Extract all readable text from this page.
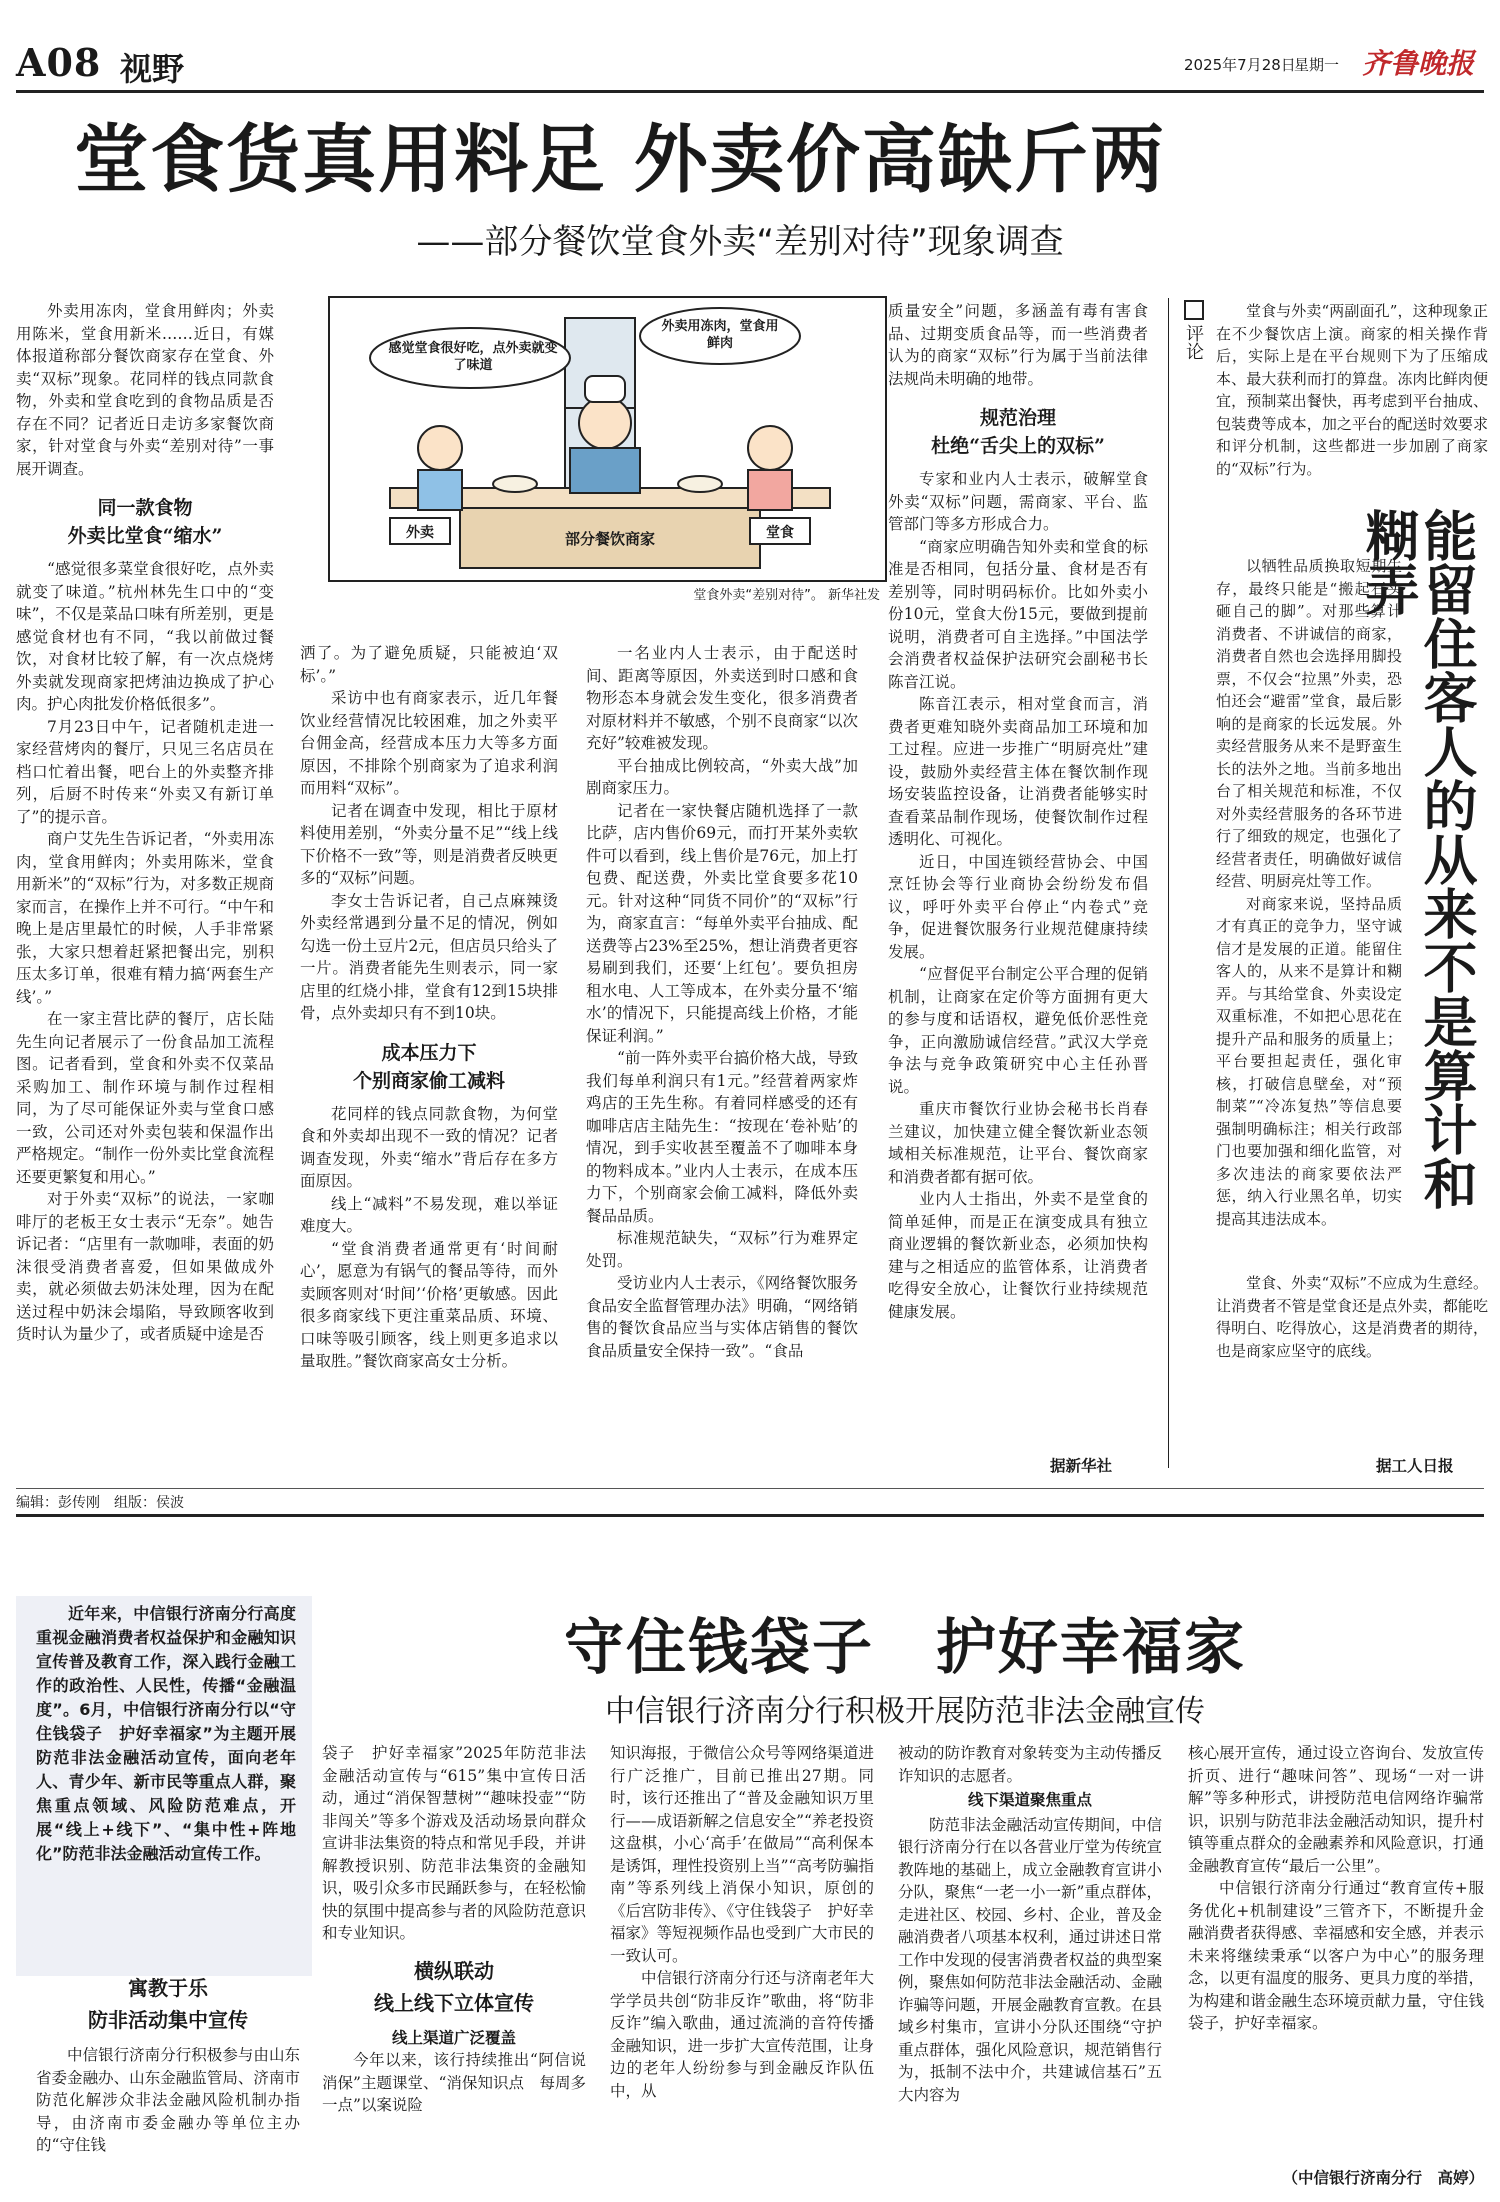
A08 视野	2025年7月28日
星期一 齐鲁晚报
堂食货真用料足 外卖价高缺斤两
——部分餐饮堂食外卖“差别对待”现象调查
感觉堂食很好吃，点外卖就变了味道
外卖用冻肉，堂食用鲜肉
外卖	部分餐饮商家	堂食
堂食外卖“差别对待”。 新华社发

外卖用冻肉，堂食用鲜肉；外卖用陈米，堂食用新米……近日，有媒体报道称部分餐饮商家存在堂食、外卖“双标”现象。花同样的钱点同款食物，外卖和堂食吃到的食物品质是否存在不同？记者近日走访多家餐饮商家，针对堂食与外卖“差别对待”一事展开调查。

同一款食物
外卖比堂食“缩水”

“感觉很多菜堂食很好吃，点外卖就变了味道。”杭州林先生口中的“变味”，不仅是菜品口味有所差别，更是感觉食材也有不同，“我以前做过餐饮，对食材比较了解，有一次点烧烤外卖就发现商家把烤油边换成了护心肉。护心肉批发价格低很多”。

7月23日中午，记者随机走进一家经营烤肉的餐厅，只见三名店员在档口忙着出餐，吧台上的外卖整齐排列，后厨不时传来“外卖又有新订单了”的提示音。

商户艾先生告诉记者，“外卖用冻肉，堂食用鲜肉；外卖用陈米，堂食用新米”的“双标”行为，对多数正规商家而言，在操作上并不可行。“中午和晚上是店里最忙的时候，人手非常紧张，大家只想着赶紧把餐出完，别积压太多订单，很难有精力搞‘两套生产线’。”

在一家主营比萨的餐厅，店长陆先生向记者展示了一份食品加工流程图。记者看到，堂食和外卖不仅菜品采购加工、制作环境与制作过程相同，为了尽可能保证外卖与堂食口感一致，公司还对外卖包装和保温作出严格规定。“制作一份外卖比堂食流程还要更繁复和用心。”

对于外卖“双标”的说法，一家咖啡厅的老板王女士表示“无奈”。她告诉记者：“店里有一款咖啡，表面的奶沫很受消费者喜爱，但如果做成外卖，就必须做去奶沫处理，因为在配送过程中奶沫会塌陷，导致顾客收到货时认为量少了，或者质疑中途是否

洒了。为了避免质疑，只能被迫‘双标’。”

采访中也有商家表示，近几年餐饮业经营情况比较困难，加之外卖平台佣金高，经营成本压力大等多方面原因，不排除个别商家为了追求利润而用料“双标”。

记者在调查中发现，相比于原材料使用差别，“外卖分量不足”“线上线下价格不一致”等，则是消费者反映更多的“双标”问题。

李女士告诉记者，自己点麻辣烫外卖经常遇到分量不足的情况，例如勾选一份土豆片2元，但店员只给头了一片。消费者能先生则表示，同一家店里的红烧小排，堂食有12到15块排骨，点外卖却只有不到10块。

成本压力下
个别商家偷工减料

花同样的钱点同款食物，为何堂食和外卖却出现不一致的情况？记者调查发现，外卖“缩水”背后存在多方面原因。

线上“减料”不易发现，难以举证难度大。

“堂食消费者通常更有‘时间耐心’，愿意为有锅气的餐品等待，而外卖顾客则对‘时间’‘价格’更敏感。因此很多商家线下更注重菜品质、环境、口味等吸引顾客，线上则更多追求以量取胜。”餐饮商家高女士分析。

一名业内人士表示，由于配送时间、距离等原因，外卖送到时口感和食物形态本身就会发生变化，很多消费者对原材料并不敏感，个别不良商家“以次充好”较难被发现。

平台抽成比例较高，“外卖大战”加剧商家压力。

记者在一家快餐店随机选择了一款比萨，店内售价69元，而打开某外卖软件可以看到，线上售价是76元，加上打包费、配送费，外卖比堂食要多花10元。针对这种“同货不同价”的“双标”行为，商家直言：“每单外卖平台抽成、配送费等占23%至25%，想让消费者更容易刷到我们，还要‘上红包’。要负担房租水电、人工等成本，在外卖分量不‘缩水’的情况下，只能提高线上价格，才能保证利润。”

“前一阵外卖平台搞价格大战，导致我们每单利润只有1元。”经营着两家炸鸡店的王先生称。有着同样感受的还有咖啡店店主陆先生：“按现在‘卷补贴’的情况，到手实收甚至覆盖不了咖啡本身的物料成本。”业内人士表示，在成本压力下，个别商家会偷工减料，降低外卖餐品品质。

标准规范缺失，“双标”行为难界定处罚。

受访业内人士表示，《网络餐饮服务食品安全监督管理办法》明确，“网络销售的餐饮食品应当与实体店销售的餐饮食品质量安全保持一致”。“食品

质量安全”问题，多涵盖有毒有害食品、过期变质食品等，而一些消费者认为的商家“双标”行为属于当前法律法规尚未明确的地带。

规范治理
杜绝“舌尖上的双标”

专家和业内人士表示，破解堂食外卖“双标”问题，需商家、平台、监管部门等多方形成合力。

“商家应明确告知外卖和堂食的标准是否相同，包括分量、食材是否有差别等，同时明码标价。比如外卖小份10元，堂食大份15元，要做到提前说明，消费者可自主选择。”中国法学会消费者权益保护法研究会副秘书长陈音江说。

陈音江表示，相对堂食而言，消费者更难知晓外卖商品加工环境和加工过程。应进一步推广“明厨亮灶”建设，鼓励外卖经营主体在餐饮制作现场安装监控设备，让消费者能够实时查看菜品制作现场，使餐饮制作过程透明化、可视化。

近日，中国连锁经营协会、中国烹饪协会等行业商协会纷纷发布倡议，呼吁外卖平台停止“内卷式”竞争，促进餐饮服务行业规范健康持续发展。

“应督促平台制定公平合理的促销机制，让商家在定价等方面拥有更大的参与度和话语权，避免低价恶性竞争，正向激励诚信经营。”武汉大学竞争法与竞争政策研究中心主任孙晋说。

重庆市餐饮行业协会秘书长肖春兰建议，加快建立健全餐饮新业态领域相关标准规范，让平台、餐饮商家和消费者都有据可依。

业内人士指出，外卖不是堂食的简单延伸，而是正在演变成具有独立商业逻辑的餐饮新业态，必须加快构建与之相适应的监管体系，让消费者吃得安全放心，让餐饮行业持续规范健康发展。

据新华社
评论

堂食与外卖“两副面孔”，这种现象正在不少餐饮店上演。商家的相关操作背后，实际上是在平台规则下为了压缩成本、最大获利而打的算盘。冻肉比鲜肉便宜，预制菜出餐快，再考虑到平台抽成、包装费等成本，加之平台的配送时效要求和评分机制，这些都进一步加剧了商家的“双标”行为。

能留住客人的从来不是算计和糊弄

以牺牲品质换取短期生存，最终只能是“搬起石头砸自己的脚”。对那些算计消费者、不讲诚信的商家，消费者自然也会选择用脚投票，不仅会“拉黑”外卖，恐怕还会“避雷”堂食，最后影响的是商家的长远发展。外卖经营服务从来不是野蛮生长的法外之地。当前多地出台了相关规范和标准，不仅对外卖经营服务的各环节进行了细致的规定，也强化了经营者责任，明确做好诚信经营、明厨亮灶等工作。

对商家来说，坚持品质才有真正的竞争力，坚守诚信才是发展的正道。能留住客人的，从来不是算计和糊弄。与其给堂食、外卖设定双重标准，不如把心思花在提升产品和服务的质量上；平台要担起责任，强化审核，打破信息壁垒，对“预制菜”“冷冻复热”等信息要强制明确标注；相关行政部门也要加强和细化监管，对多次违法的商家要依法严惩，纳入行业黑名单，切实提高其违法成本。

堂食、外卖“双标”不应成为生意经。让消费者不管是堂食还是点外卖，都能吃得明白、吃得放心，这是消费者的期待，也是商家应坚守的底线。

据工人日报
编辑：彭传刚　组版：侯波

近年来，中信银行济南分行高度重视金融消费者权益保护和金融知识宣传普及教育工作，深入践行金融工作的政治性、人民性，传播“金融温度”。6月，中信银行济南分行以“守住钱袋子　护好幸福家”为主题开展防范非法金融活动宣传，面向老年人、青少年、新市民等重点人群，聚焦重点领域、风险防范难点，开展“线上+线下”、“集中性+阵地化”防范非法金融活动宣传工作。

守住钱袋子　护好幸福家
中信银行济南分行积极开展防范非法金融宣传
寓教于乐
防非活动集中宣传

中信银行济南分行积极参与由山东省委金融办、山东金融监管局、济南市防范化解涉众非法金融风险机制办指导，由济南市委金融办等单位主办的“守住钱

袋子　护好幸福家”2025年防范非法金融活动宣传与“615”集中宣传日活动，通过“消保智慧树”“趣味投壶”“防非闯关”等多个游戏及活动场景向群众宣讲非法集资的特点和常见手段，并讲解教授识别、防范非法集资的金融知识，吸引众多市民踊跃参与，在轻松愉快的氛围中提高参与者的风险防范意识和专业知识。

横纵联动
线上线下立体宣传
线上渠道广泛覆盖

今年以来，该行持续推出“阿信说消保”主题课堂、“消保知识点　每周多一点”以案说险

知识海报，于微信公众号等网络渠道进行广泛推广，目前已推出27期。同时，该行还推出了“普及金融知识万里行——成语新解之信息安全”“养老投资这盘棋，小心‘高手’在做局”“高利保本是诱饵，理性投资别上当”“高考防骗指南”等系列线上消保小知识，原创的《后宫防非传》、《守住钱袋子　护好幸福家》等短视频作品也受到广大市民的一致认可。

中信银行济南分行还与济南老年大学学员共创“防非反诈”歌曲，将“防非反诈”编入歌曲，通过流淌的音符传播金融知识，进一步扩大宣传范围，让身边的老年人纷纷参与到金融反诈队伍中，从

被动的防诈教育对象转变为主动传播反诈知识的志愿者。

线下渠道聚焦重点

防范非法金融活动宣传期间，中信银行济南分行在以各营业厅堂为传统宣教阵地的基础上，成立金融教育宣讲小分队，聚焦“一老一小一新”重点群体，走进社区、校园、乡村、企业，普及金融消费者八项基本权利，通过讲述日常工作中发现的侵害消费者权益的典型案例，聚焦如何防范非法金融活动、金融诈骗等问题，开展金融教育宣教。在县域乡村集市，宣讲小分队还围绕“守护重点群体，强化风险意识，规范销售行为，抵制不法中介，共建诚信基石”五大内容为

核心展开宣传，通过设立咨询台、发放宣传折页、进行“趣味问答”、现场“一对一讲解”等多种形式，讲授防范电信网络诈骗常识，识别与防范非法金融活动知识，提升村镇等重点群众的金融素养和风险意识，打通金融教育宣传“最后一公里”。

中信银行济南分行通过“教育宣传+服务优化+机制建设”三管齐下，不断提升金融消费者获得感、幸福感和安全感，并表示未来将继续秉承“以客户为中心”的服务理念，以更有温度的服务、更具力度的举措，为构建和谐金融生态环境贡献力量，守住钱袋子，护好幸福家。

（中信银行济南分行　高婷）
